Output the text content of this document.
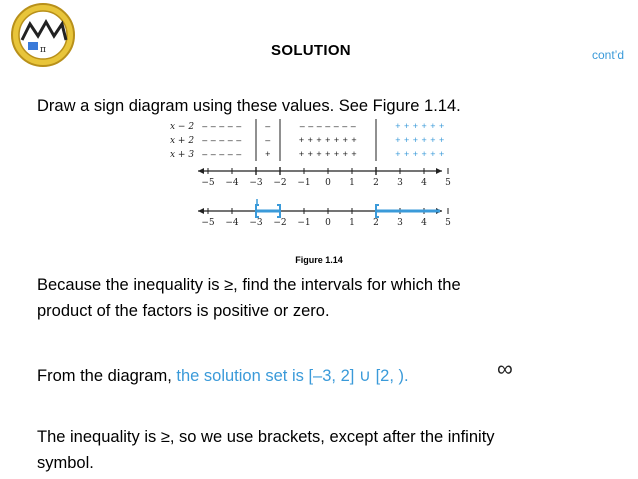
π	SOLUTION	cont’d
Draw a sign diagram using these values. See Figure 1.14.
x − 2 – – – – –	–	– – – – – – –	+ + + + + +
x + 2 – – – – –	–	+ + + + + + +	+ + + + + +
x + 3 – – – – –	+	+ + + + + + +	+ + + + + +
−5 −4 −3 −2 −1 0 1 2 3 4 5
−5 −4 −3 −2 −1 0 1 2 3 4 5
Figure 1.14
Because the inequality is ≥, find the intervals for which the
product of the factors is positive or zero.
From the diagram, the solution set is [–3, 2] ∪ [2, ).	∞
The inequality is ≥, so we use brackets, except after the infinity
symbol.
